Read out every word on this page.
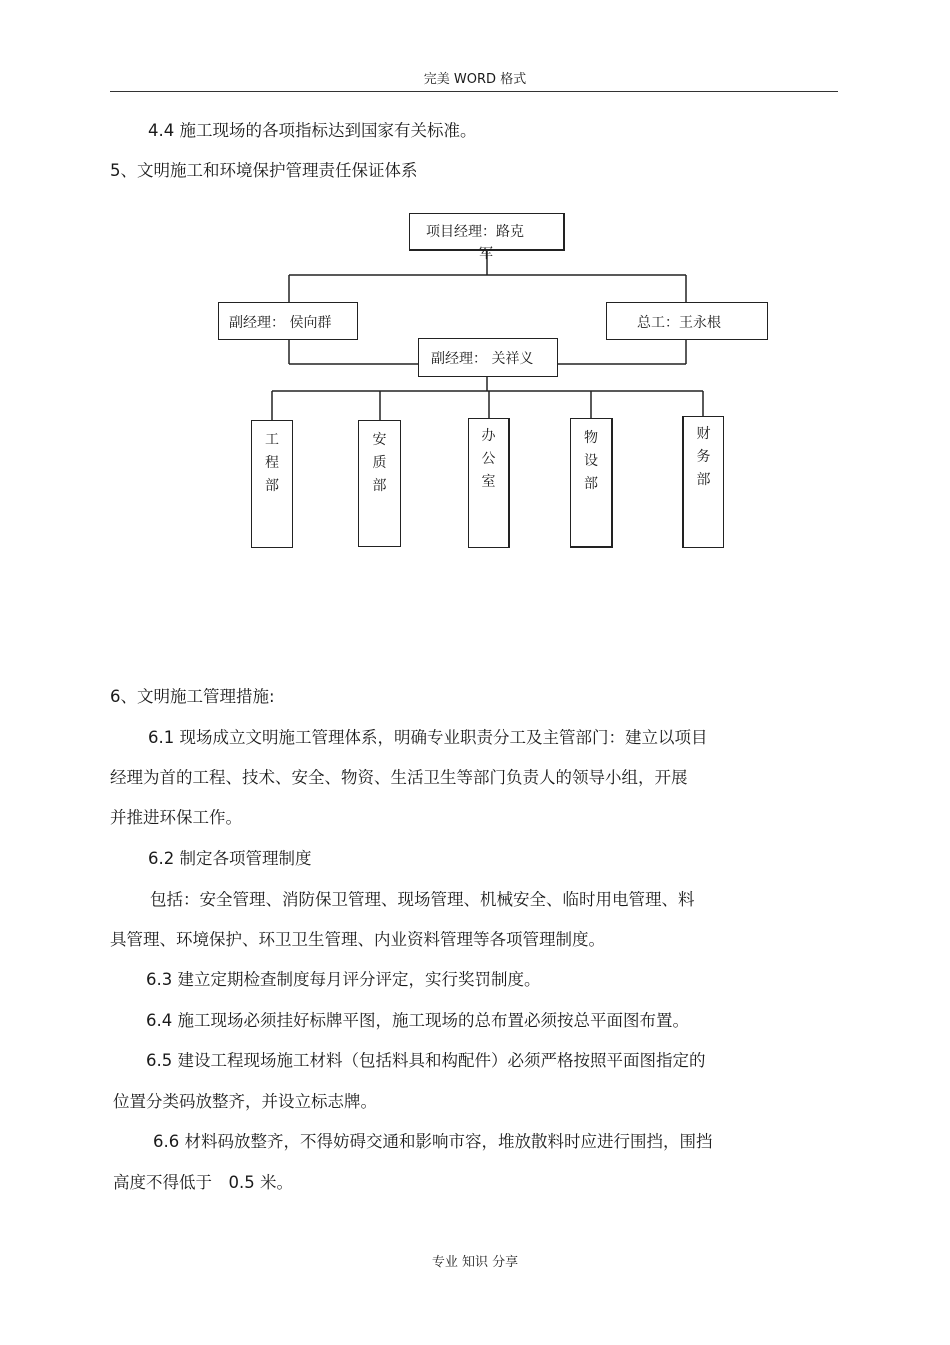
完美 WORD 格式
4.4 施工现场的各项指标达到国家有关标准。
5、文明施工和环境保护管理责任保证体系
项目经理：路克
军
副经理： 侯向群	总工：王永根
副经理： 关祥义
工
程
部
安
质
部
办
公
室
物
设
部
财
务
部
6、文明施工管理措施:
6.1 现场成立文明施工管理体系，明确专业职责分工及主管部门：建立以项目
经理为首的工程、技术、安全、物资、生活卫生等部门负责人的领导小组，开展
并推进环保工作。
6.2 制定各项管理制度
包括：安全管理、消防保卫管理、现场管理、机械安全、临时用电管理、料
具管理、环境保护、环卫卫生管理、内业资料管理等各项管理制度。
6.3 建立定期检查制度每月评分评定，实行奖罚制度。
6.4 施工现场必须挂好标牌平图，施工现场的总布置必须按总平面图布置。
6.5 建设工程现场施工材料（包括料具和构配件）必须严格按照平面图指定的
位置分类码放整齐，并设立标志牌。
6.6 材料码放整齐，不得妨碍交通和影响市容，堆放散料时应进行围挡，围挡
高度不得低于　0.5 米。
专业 知识 分享
